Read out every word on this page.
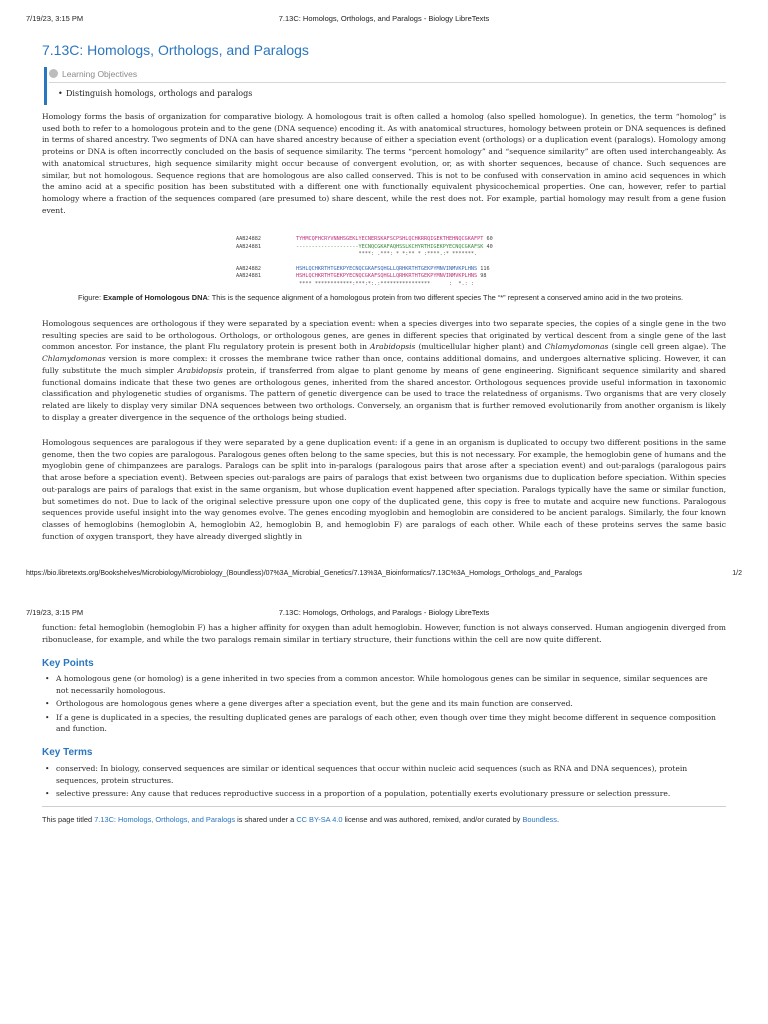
7/19/23, 3:15 PM	7.13C: Homologs, Orthologs, and Paralogs - Biology LibreTexts
7.13C: Homologs, Orthologs, and Paralogs
Learning Objectives
• Distinguish homologs, orthologs and paralogs

Homology forms the basis of organization for comparative biology. A homologous trait is often called a homolog (also spelled homologue). In genetics, the term “homolog” is used both to refer to a homologous protein and to the gene (DNA sequence) encoding it. As with anatomical structures, homology between protein or DNA sequences is defined in terms of shared ancestry. Two segments of DNA can have shared ancestry because of either a speciation event (orthologs) or a duplication event (paralogs). Homology among proteins or DNA is often incorrectly concluded on the basis of sequence similarity. The terms “percent homology” and “sequence similarity” are often used interchangeably. As with anatomical structures, high sequence similarity might occur because of convergent evolution, or, as with shorter sequences, because of chance. Such sequences are similar, but not homologous. Sequence regions that are homologous are also called conserved. This is not to be confused with conservation in amino acid sequences in which the amino acid at a specific position has been substituted with a different one with functionally equivalent physicochemical properties. One can, however, refer to partial homology where a fraction of the sequences compared (are presumed to) share descent, while the rest does not. For example, partial homology may result from a gene fusion event.

AAB24882	TYHMCQFHCRYVNNHSGEKLYECNERSKAFSCPSHLQCHKRRQIGEKTHEHNQCGKAFPT 60
AAB24881	--------------------YECNQCGKAFAQHSSLKCHYRTHIGEKPYECNQCGKAFSK 40
****: .***: * *:** * :****.:* *******.
AAB24882	HSHLQCHKRTHTGEKPYECNQCGKAFSQHGLLQRHKRTHTGEKPYMNVINMVKPLHNS 116
AAB24881	HSHLQCHKRTHTGEKPYECNQCGKAFSQHGLLQRHKRTHTGEKPYMNVINMVKPLHNS 98
**** ************:***:*:.:****************      :  *.: :

Figure: Example of Homologous DNA: This is the sequence alignment of a homologous protein from two different species The “*” represent a conserved amino acid in the two proteins.

Homologous sequences are orthologous if they were separated by a speciation event: when a species diverges into two separate species, the copies of a single gene in the two resulting species are said to be orthologous. Orthologs, or orthologous genes, are genes in different species that originated by vertical descent from a single gene of the last common ancestor. For instance, the plant Flu regulatory protein is present both in Arabidopsis (multicellular higher plant) and Chlamydomonas (single cell green algae). The Chlamydomonas version is more complex: it crosses the membrane twice rather than once, contains additional domains, and undergoes alternative splicing. However, it can fully substitute the much simpler Arabidopsis protein, if transferred from algae to plant genome by means of gene engineering. Significant sequence similarity and shared functional domains indicate that these two genes are orthologous genes, inherited from the shared ancestor. Orthologous sequences provide useful information in taxonomic classification and phylogenetic studies of organisms. The pattern of genetic divergence can be used to trace the relatedness of organisms. Two organisms that are very closely related are likely to display very similar DNA sequences between two orthologs. Conversely, an organism that is further removed evolutionarily from another organism is likely to display a greater divergence in the sequence of the orthologs being studied.

Homologous sequences are paralogous if they were separated by a gene duplication event: if a gene in an organism is duplicated to occupy two different positions in the same genome, then the two copies are paralogous. Paralogous genes often belong to the same species, but this is not necessary. For example, the hemoglobin gene of humans and the myoglobin gene of chimpanzees are paralogs. Paralogs can be split into in-paralogs (paralogous pairs that arose after a speciation event) and out-paralogs (paralogous pairs that arose before a speciation event). Between species out-paralogs are pairs of paralogs that exist between two organisms due to duplication before speciation. Within species out-paralogs are pairs of paralogs that exist in the same organism, but whose duplication event happened after speciation. Paralogs typically have the same or similar function, but sometimes do not. Due to lack of the original selective pressure upon one copy of the duplicated gene, this copy is free to mutate and acquire new functions. Paralogous sequences provide useful insight into the way genomes evolve. The genes encoding myoglobin and hemoglobin are considered to be ancient paralogs. Similarly, the four known classes of hemoglobins (hemoglobin A, hemoglobin A2, hemoglobin B, and hemoglobin F) are paralogs of each other. While each of these proteins serves the same basic function of oxygen transport, they have already diverged slightly in

https://bio.libretexts.org/Bookshelves/Microbiology/Microbiology_(Boundless)/07%3A_Microbial_Genetics/7.13%3A_Bioinformatics/7.13C%3A_Homologs_Orthologs_and_Paralogs	1/2
7/19/23, 3:15 PM	7.13C: Homologs, Orthologs, and Paralogs - Biology LibreTexts

function: fetal hemoglobin (hemoglobin F) has a higher affinity for oxygen than adult hemoglobin. However, function is not always conserved. Human angiogenin diverged from ribonuclease, for example, and while the two paralogs remain similar in tertiary structure, their functions within the cell are now quite different.

Key Points
• A homologous gene (or homolog) is a gene inherited in two species from a common ancestor. While homologous genes can be similar in sequence, similar sequences are not necessarily homologous.
• Orthologous are homologous genes where a gene diverges after a speciation event, but the gene and its main function are conserved.
• If a gene is duplicated in a species, the resulting duplicated genes are paralogs of each other, even though over time they might become different in sequence composition and function.
Key Terms
• conserved: In biology, conserved sequences are similar or identical sequences that occur within nucleic acid sequences (such as RNA and DNA sequences), protein sequences, protein structures.
• selective pressure: Any cause that reduces reproductive success in a proportion of a population, potentially exerts evolutionary pressure or selection pressure.

This page titled 7.13C: Homologs, Orthologs, and Paralogs is shared under a CC BY-SA 4.0 license and was authored, remixed, and/or curated by Boundless.
